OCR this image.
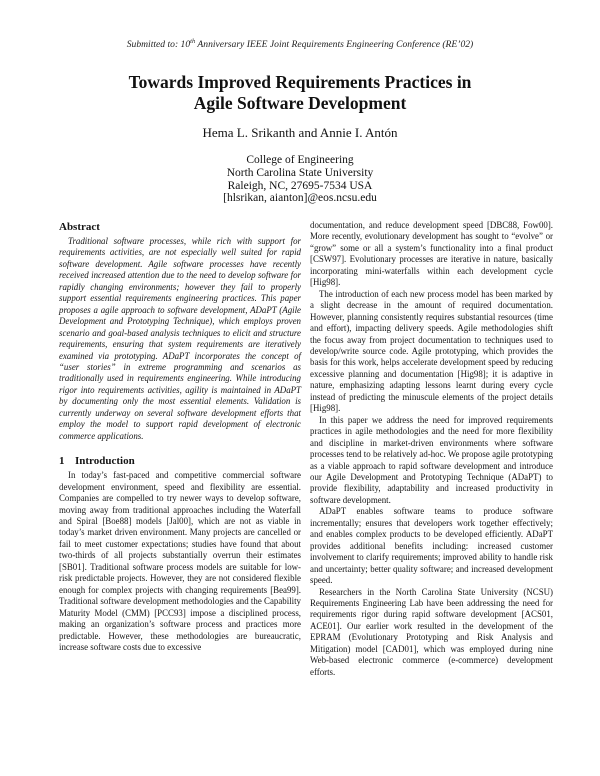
Submitted to: 10th Anniversary IEEE Joint Requirements Engineering Conference (RE’02)
Towards Improved Requirements Practices in
Agile Software Development
Hema L. Srikanth and Annie I. Antón
College of Engineering
North Carolina State University
Raleigh, NC, 27695-7534 USA
[hlsrikan, aianton]@eos.ncsu.edu
Abstract

Traditional software processes, while rich with support for requirements activities, are not especially well suited for rapid software development. Agile software processes have recently received increased attention due to the need to develop software for rapidly changing environments; however they fail to properly support essential requirements engineering practices. This paper proposes a agile approach to software development, ADaPT (Agile Development and Prototyping Technique), which employs proven scenario and goal-based analysis techniques to elicit and structure requirements, ensuring that system requirements are iteratively examined via prototyping. ADaPT incorporates the concept of “user stories” in extreme programming and scenarios as traditionally used in requirements engineering. While introducing rigor into requirements activities, agility is maintained in ADaPT by documenting only the most essential elements. Validation is currently underway on several software development efforts that employ the model to support rapid development of electronic commerce applications.

1 Introduction

In today’s fast-paced and competitive commercial software development environment, speed and flexibility are essential. Companies are compelled to try newer ways to develop software, moving away from traditional approaches including the Waterfall and Spiral [Boe88] models [Jal00], which are not as viable in today’s market driven environment. Many projects are cancelled or fail to meet customer expectations; studies have found that about two-thirds of all projects substantially overrun their estimates [SB01]. Traditional software process models are suitable for low-risk predictable projects. However, they are not considered flexible enough for complex projects with changing requirements [Bea99]. Traditional software development methodologies and the Capability Maturity Model (CMM) [PCC93] impose a disciplined process, making an organization’s software process and practices more predictable. However, these methodologies are bureaucratic, increase software costs due to excessive

documentation, and reduce development speed [DBC88, Fow00]. More recently, evolutionary development has sought to “evolve” or “grow” some or all a system’s functionality into a final product [CSW97]. Evolutionary processes are iterative in nature, basically incorporating mini-waterfalls within each development cycle [Hig98].

The introduction of each new process model has been marked by a slight decrease in the amount of required documentation. However, planning consistently requires substantial resources (time and effort), impacting delivery speeds. Agile methodologies shift the focus away from project documentation to techniques used to develop/write source code. Agile prototyping, which provides the basis for this work, helps accelerate development speed by reducing excessive planning and documentation [Hig98]; it is adaptive in nature, emphasizing adapting lessons learnt during every cycle instead of predicting the minuscule elements of the project details [Hig98].

In this paper we address the need for improved requirements practices in agile methodologies and the need for more flexibility and discipline in market-driven environments where software processes tend to be relatively ad-hoc. We propose agile prototyping as a viable approach to rapid software development and introduce our Agile Development and Prototyping Technique (ADaPT) to provide flexibility, adaptability and increased productivity in software development.

ADaPT enables software teams to produce software incrementally; ensures that developers work together effectively; and enables complex products to be developed efficiently. ADaPT provides additional benefits including: increased customer involvement to clarify requirements; improved ability to handle risk and uncertainty; better quality software; and increased development speed.

Researchers in the North Carolina State University (NCSU) Requirements Engineering Lab have been addressing the need for requirements rigor during rapid software development [ACS01, ACE01]. Our earlier work resulted in the development of the EPRAM (Evolutionary Prototyping and Risk Analysis and Mitigation) model [CAD01], which was employed during nine Web-based electronic commerce (e-commerce) development efforts.
